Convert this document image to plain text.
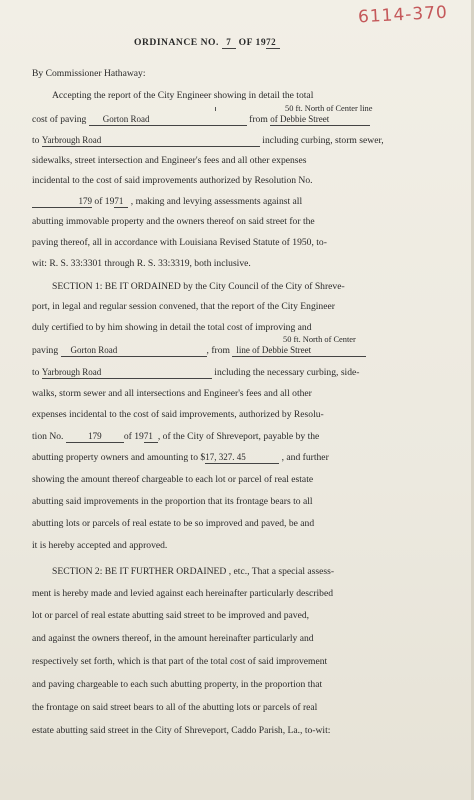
6114-370
ORDINANCE NO. 7 OF 1972
By Commissioner Hathaway:
Accepting the report of the City Engineer showing in detail the total
50 ft. North of Center line
cost of paving Gorton Road	from of Debbie Street
to Yarbrough Road	including curbing, storm sewer,
sidewalks, street intersection and Engineer's fees and all other expenses
incidental to the cost of said improvements authorized by Resolution No.
179 of 1971 , making and levying assessments against all
abutting immovable property and the owners thereof on said street for the
paving thereof, all in accordance with Louisiana Revised Statute of 1950, to-
wit: R. S. 33:3301 through R. S. 33:3319, both inclusive.
SECTION 1: BE IT ORDAINED by the City Council of the City of Shreve-
port, in legal and regular session convened, that the report of the City Engineer
duly certified to by him showing in detail the total cost of improving and
50 ft. North of Center
paving Gorton Road	, from line of Debbie Street
to Yarbrough Road	including the necessary curbing, side-
walks, storm sewer and all intersections and Engineer's fees and all other
expenses incidental to the cost of said improvements, authorized by Resolu-
tion No.	179 of 1971 , of the City of Shreveport, payable by the
abutting property owners and amounting to $17, 327. 45	, and further
showing the amount thereof chargeable to each lot or parcel of real estate
abutting said improvements in the proportion that its frontage bears to all
abutting lots or parcels of real estate to be so improved and paved, be and
it is hereby accepted and approved.
SECTION 2: BE IT FURTHER ORDAINED , etc., That a special assess-
ment is hereby made and levied against each hereinafter particularly described
lot or parcel of real estate abutting said street to be improved and paved,
and against the owners thereof, in the amount hereinafter particularly and
respectively set forth, which is that part of the total cost of said improvement
and paving chargeable to each such abutting property, in the proportion that
the frontage on said street bears to all of the abutting lots or parcels of real
estate abutting said street in the City of Shreveport, Caddo Parish, La., to-wit:
